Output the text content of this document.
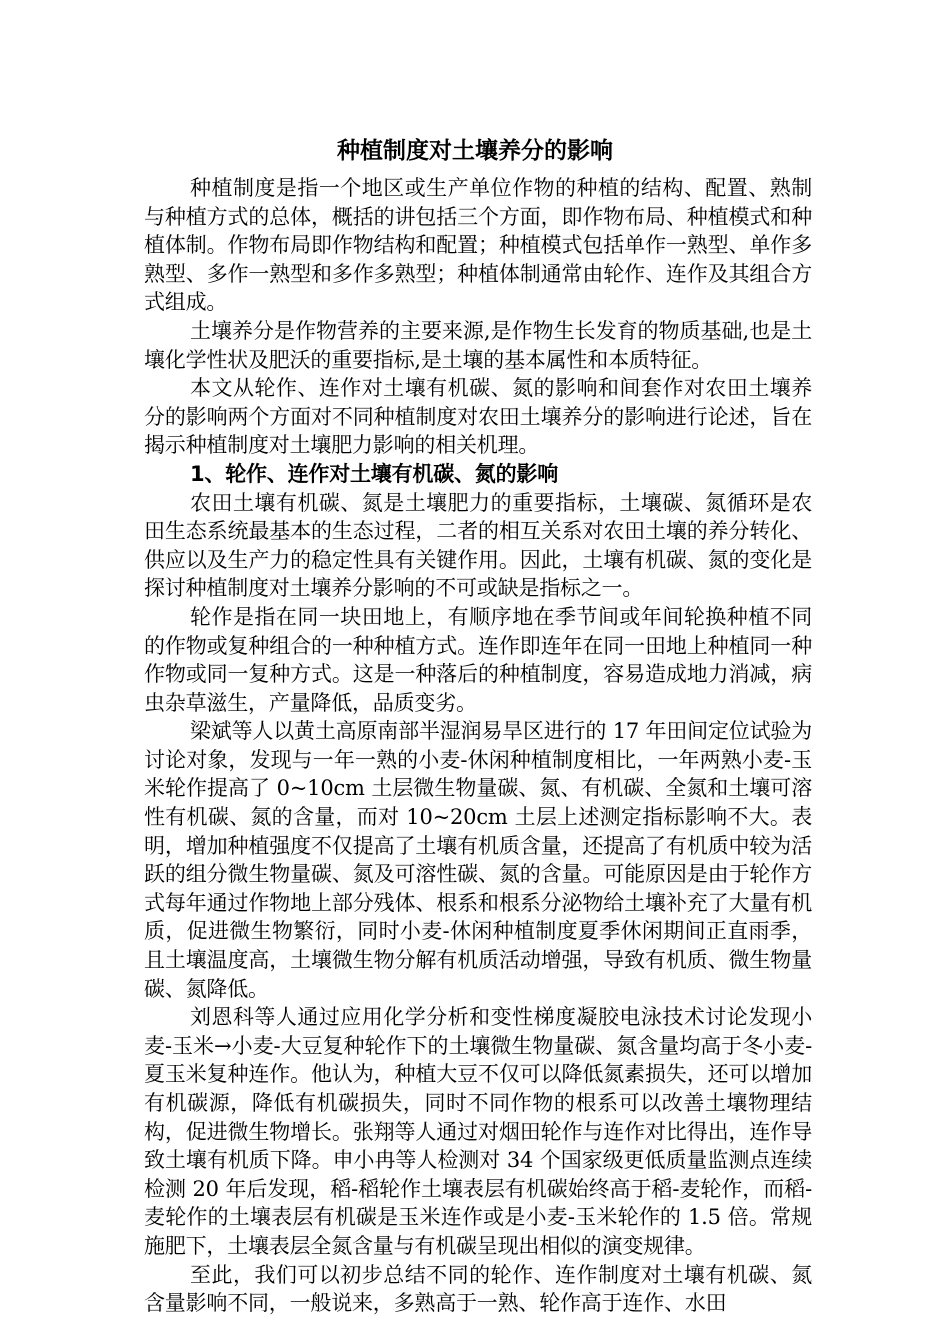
种植制度对土壤养分的影响

种植制度是指一个地区或生产单位作物的种植的结构、配置、熟制与种植方式的总体，概括的讲包括三个方面，即作物布局、种植模式和种植体制。作物布局即作物结构和配置；种植模式包括单作一熟型、单作多熟型、多作一熟型和多作多熟型；种植体制通常由轮作、连作及其组合方式组成。

土壤养分是作物营养的主要来源,是作物生长发育的物质基础,也是土壤化学性状及肥沃的重要指标,是土壤的基本属性和本质特征。

本文从轮作、连作对土壤有机碳、氮的影响和间套作对农田土壤养分的影响两个方面对不同种植制度对农田土壤养分的影响进行论述，旨在揭示种植制度对土壤肥力影响的相关机理。

1、轮作、连作对土壤有机碳、氮的影响

农田土壤有机碳、氮是土壤肥力的重要指标，土壤碳、氮循环是农田生态系统最基本的生态过程，二者的相互关系对农田土壤的养分转化、供应以及生产力的稳定性具有关键作用。因此，土壤有机碳、氮的变化是探讨种植制度对土壤养分影响的不可或缺是指标之一。

轮作是指在同一块田地上，有顺序地在季节间或年间轮换种植不同的作物或复种组合的一种种植方式。连作即连年在同一田地上种植同一种作物或同一复种方式。这是一种落后的种植制度，容易造成地力消减，病虫杂草滋生，产量降低，品质变劣。

梁斌等人以黄土高原南部半湿润易旱区进行的 17 年田间定位试验为讨论对象，发现与一年一熟的小麦-休闲种植制度相比，一年两熟小麦-玉米轮作提高了 0~10cm 土层微生物量碳、氮、有机碳、全氮和土壤可溶性有机碳、氮的含量，而对 10~20cm 土层上述测定指标影响不大。表明，增加种植强度不仅提高了土壤有机质含量，还提高了有机质中较为活跃的组分微生物量碳、氮及可溶性碳、氮的含量。可能原因是由于轮作方式每年通过作物地上部分残体、根系和根系分泌物给土壤补充了大量有机质，促进微生物繁衍，同时小麦-休闲种植制度夏季休闲期间正直雨季，且土壤温度高，土壤微生物分解有机质活动增强，导致有机质、微生物量碳、氮降低。

刘恩科等人通过应用化学分析和变性梯度凝胶电泳技术讨论发现小麦-玉米→小麦-大豆复种轮作下的土壤微生物量碳、氮含量均高于冬小麦-夏玉米复种连作。他认为，种植大豆不仅可以降低氮素损失，还可以增加有机碳源，降低有机碳损失，同时不同作物的根系可以改善土壤物理结构，促进微生物增长。张翔等人通过对烟田轮作与连作对比得出，连作导致土壤有机质下降。申小冉等人检测对 34 个国家级更低质量监测点连续检测 20 年后发现，稻-稻轮作土壤表层有机碳始终高于稻-麦轮作，而稻-麦轮作的土壤表层有机碳是玉米连作或是小麦-玉米轮作的 1.5 倍。常规施肥下，土壤表层全氮含量与有机碳呈现出相似的演变规律。

至此，我们可以初步总结不同的轮作、连作制度对土壤有机碳、氮含量影响不同，一般说来，多熟高于一熟、轮作高于连作、水田
